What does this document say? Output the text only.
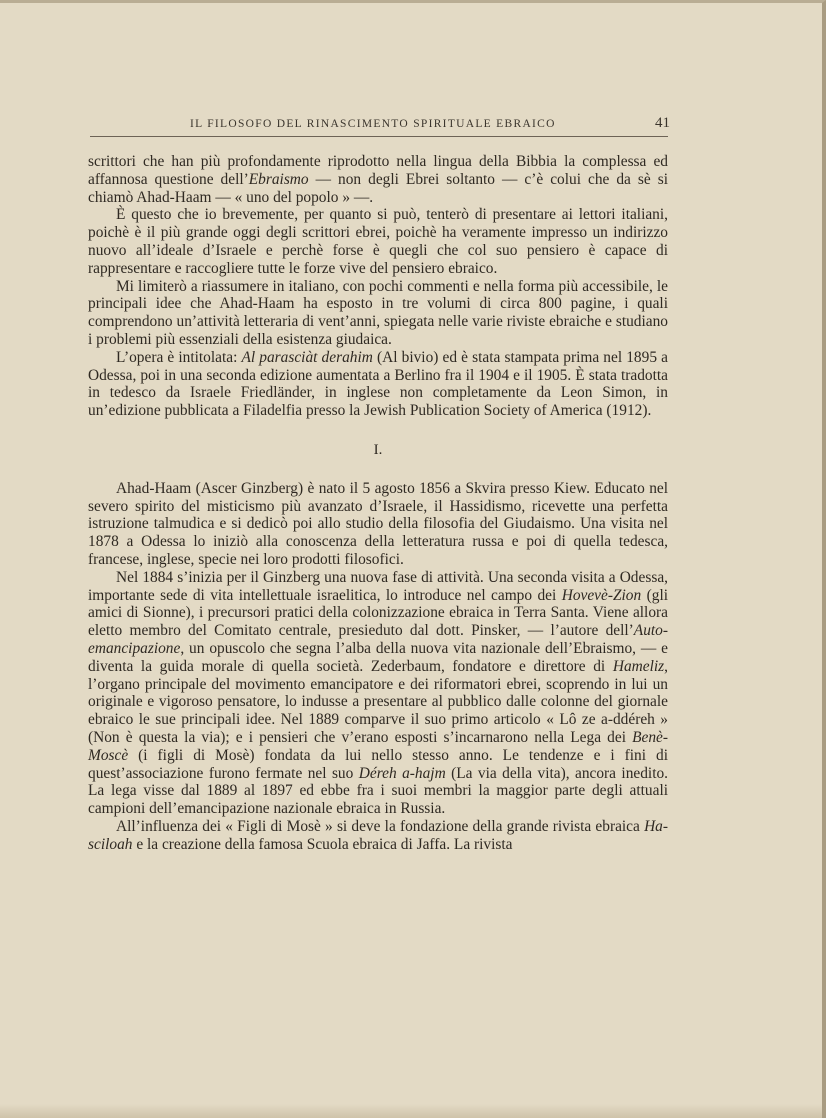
IL FILOSOFO DEL RINASCIMENTO SPIRITUALE EBRAICO	41

scrittori che han più profondamente riprodotto nella lingua della Bibbia la complessa ed affannosa questione dell’Ebraismo — non degli Ebrei soltanto — c’è colui che da sè si chiamò Ahad-Haam — « uno del popolo » —.

È questo che io brevemente, per quanto si può, tenterò di presentare ai lettori italiani, poichè è il più grande oggi degli scrittori ebrei, poichè ha veramente impresso un indirizzo nuovo all’ideale d’Israele e perchè forse è quegli che col suo pensiero è capace di rappresentare e raccogliere tutte le forze vive del pensiero ebraico.

Mi limiterò a riassumere in italiano, con pochi commenti e nella forma più accessibile, le principali idee che Ahad-Haam ha esposto in tre volumi di circa 800 pagine, i quali comprendono un’attività letteraria di vent’anni, spiegata nelle varie riviste ebraiche e studiano i problemi più essenziali della esistenza giudaica.

L’opera è intitolata: Al parasciàt derahim (Al bivio) ed è stata stampata prima nel 1895 a Odessa, poi in una seconda edizione aumentata a Berlino fra il 1904 e il 1905. È stata tradotta in tedesco da Israele Friedländer, in inglese non completamente da Leon Simon, in un’edizione pubblicata a Filadelfia presso la Jewish Publication Society of America (1912).

I.

Ahad-Haam (Ascer Ginzberg) è nato il 5 agosto 1856 a Skvira presso Kiew. Educato nel severo spirito del misticismo più avanzato d’Israele, il Hassidismo, ricevette una perfetta istruzione talmudica e si dedicò poi allo studio della filosofia del Giudaismo. Una visita nel 1878 a Odessa lo iniziò alla conoscenza della letteratura russa e poi di quella tedesca, francese, inglese, specie nei loro prodotti filosofici.

Nel 1884 s’inizia per il Ginzberg una nuova fase di attività. Una seconda visita a Odessa, importante sede di vita intellettuale israelitica, lo introduce nel campo dei Hovevè-Zion (gli amici di Sionne), i precursori pratici della colonizzazione ebraica in Terra Santa. Viene allora eletto membro del Comitato centrale, presieduto dal dott. Pinsker, — l’autore dell’Auto-emancipazione, un opuscolo che segna l’alba della nuova vita nazionale dell’Ebraismo, — e diventa la guida morale di quella società. Zederbaum, fondatore e direttore di Hameliz, l’organo principale del movimento emancipatore e dei riformatori ebrei, scoprendo in lui un originale e vigoroso pensatore, lo indusse a presentare al pubblico dalle colonne del giornale ebraico le sue principali idee. Nel 1889 comparve il suo primo articolo « Lô ze a-ddéreh » (Non è questa la via); e i pensieri che v’erano esposti s’incarnarono nella Lega dei Benè-Moscè (i figli di Mosè) fondata da lui nello stesso anno. Le tendenze e i fini di quest’associazione furono fermate nel suo Déreh a-hajm (La via della vita), ancora inedito. La lega visse dal 1889 al 1897 ed ebbe fra i suoi membri la maggior parte degli attuali campioni dell’emancipazione nazionale ebraica in Russia.

All’influenza dei « Figli di Mosè » si deve la fondazione della grande rivista ebraica Ha-sciloah e la creazione della famosa Scuola ebraica di Jaffa. La rivista
